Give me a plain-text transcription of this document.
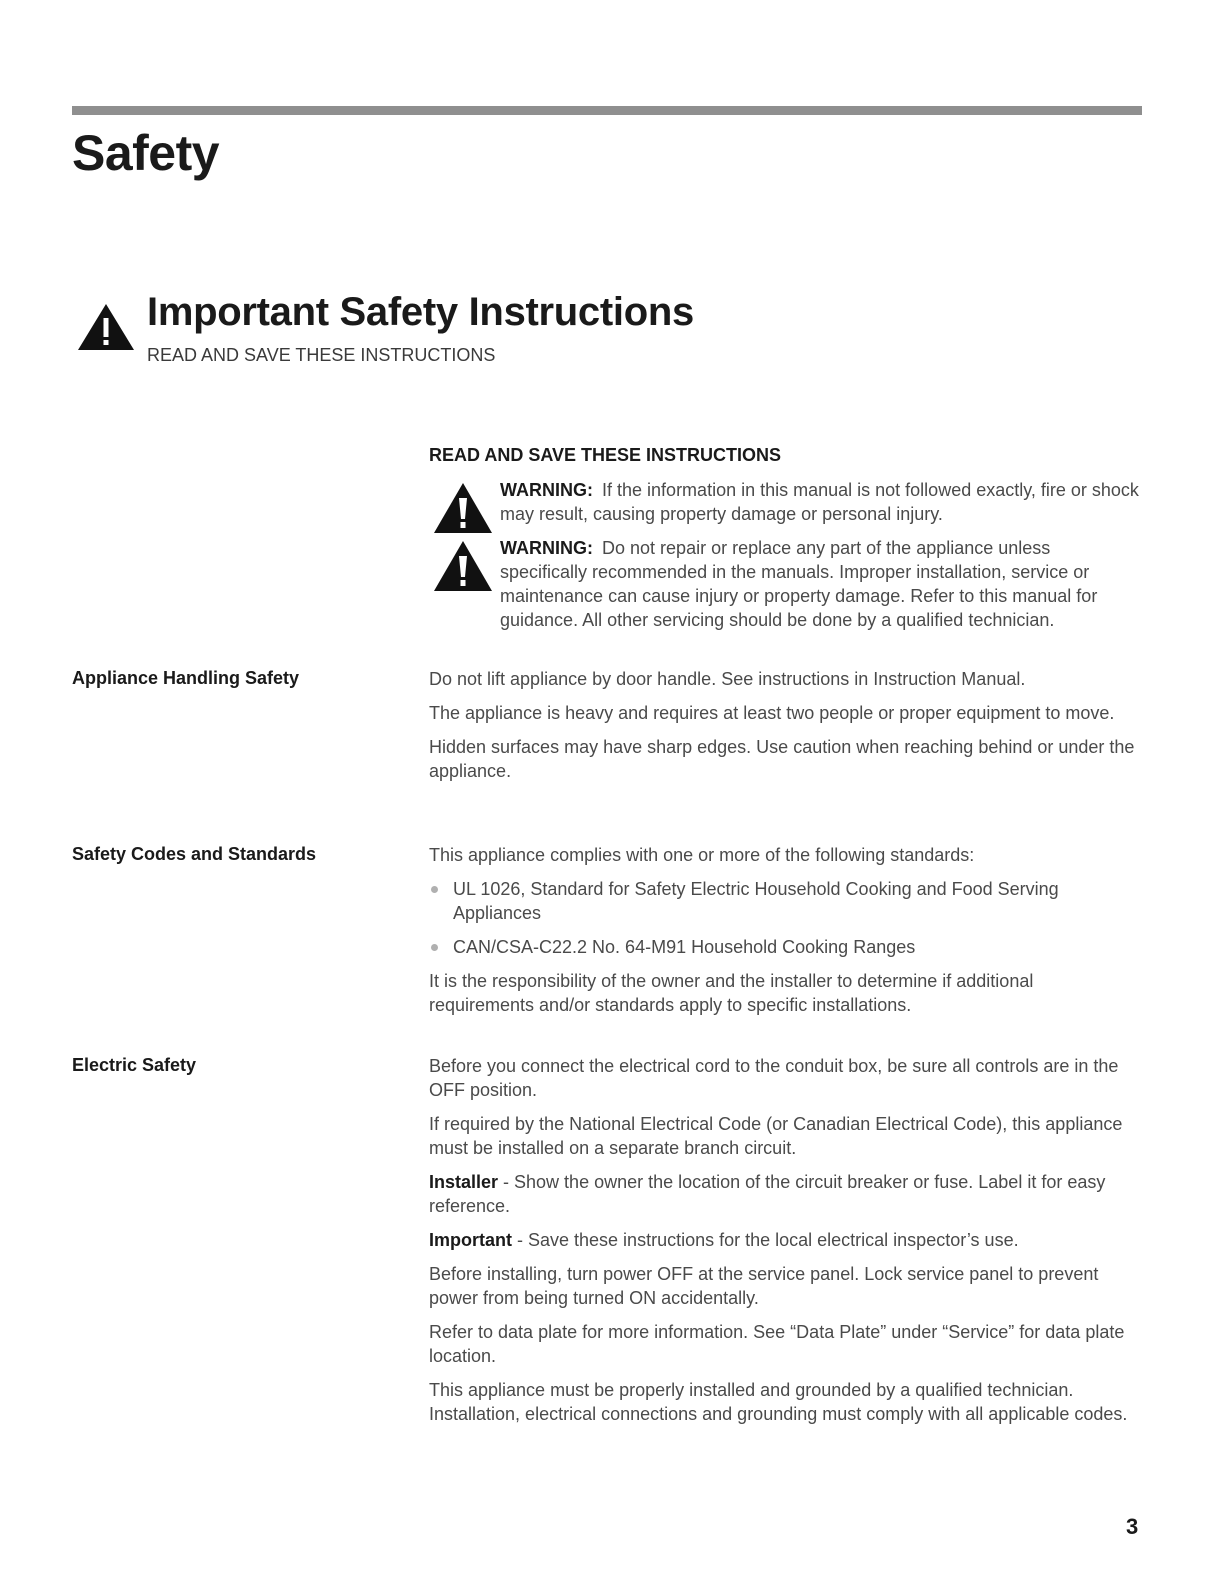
Safety
Important Safety Instructions
READ AND SAVE THESE INSTRUCTIONS
READ AND SAVE THESE INSTRUCTIONS

WARNING: If the information in this manual is not followed exactly, fire or shock may result, causing property damage or personal injury.

WARNING: Do not repair or replace any part of the appliance unless specifically recommended in the manuals. Improper installation, service or maintenance can cause injury or property damage. Refer to this manual for guidance. All other servicing should be done by a qualified technician.

Appliance Handling Safety	Do not lift appliance by door handle. See instructions in Instruction Manual.

The appliance is heavy and requires at least two people or proper equipment to move.

Hidden surfaces may have sharp edges. Use caution when reaching behind or under the appliance.

Safety Codes and Standards	This appliance complies with one or more of the following standards:

UL 1026, Standard for Safety Electric Household Cooking and Food Serving Appliances
CAN/CSA-C22.2 No. 64-M91 Household Cooking Ranges

It is the responsibility of the owner and the installer to determine if additional requirements and/or standards apply to specific installations.

Electric Safety	Before you connect the electrical cord to the conduit box, be sure all controls are in the OFF position.

If required by the National Electrical Code (or Canadian Electrical Code), this appliance must be installed on a separate branch circuit.

Installer - Show the owner the location of the circuit breaker or fuse. Label it for easy reference.

Important - Save these instructions for the local electrical inspector’s use.

Before installing, turn power OFF at the service panel. Lock service panel to prevent power from being turned ON accidentally.

Refer to data plate for more information. See “Data Plate” under “Service” for data plate location.

This appliance must be properly installed and grounded by a qualified technician. Installation, electrical connections and grounding must comply with all applicable codes.

3
